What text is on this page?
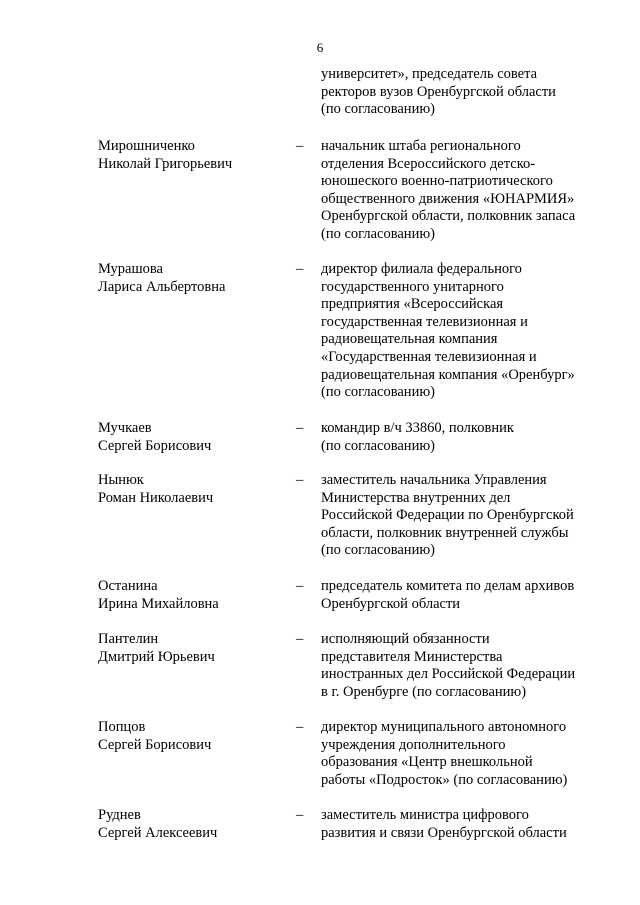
6
университет», председатель совета
ректоров вузов Оренбургской области
(по согласованию)
Мирошниченко
Николай Григорьевич
–	начальник штаба регионального
отделения Всероссийского детско-
юношеского военно-патриотического
общественного движения «ЮНАРМИЯ»
Оренбургской области, полковник запаса
(по согласованию)
Мурашова
Лариса Альбертовна
–	директор филиала федерального
государственного унитарного
предприятия «Всероссийская
государственная телевизионная и
радиовещательная компания
«Государственная телевизионная и
радиовещательная компания «Оренбург»
(по согласованию)
Мучкаев
Сергей Борисович
–	командир в/ч 33860, полковник
(по согласованию)
Нынюк
Роман Николаевич
–	заместитель начальника Управления
Министерства внутренних дел
Российской Федерации по Оренбургской
области, полковник внутренней службы
(по согласованию)
Останина
Ирина Михайловна
–	председатель комитета по делам архивов
Оренбургской области
Пантелин
Дмитрий Юрьевич
–	исполняющий обязанности
представителя Министерства
иностранных дел Российской Федерации
в г. Оренбурге (по согласованию)
Попцов
Сергей Борисович
–	директор муниципального автономного
учреждения дополнительного
образования «Центр внешкольной
работы «Подросток» (по согласованию)
Руднев
Сергей Алексеевич
–	заместитель министра цифрового
развития и связи Оренбургской области
